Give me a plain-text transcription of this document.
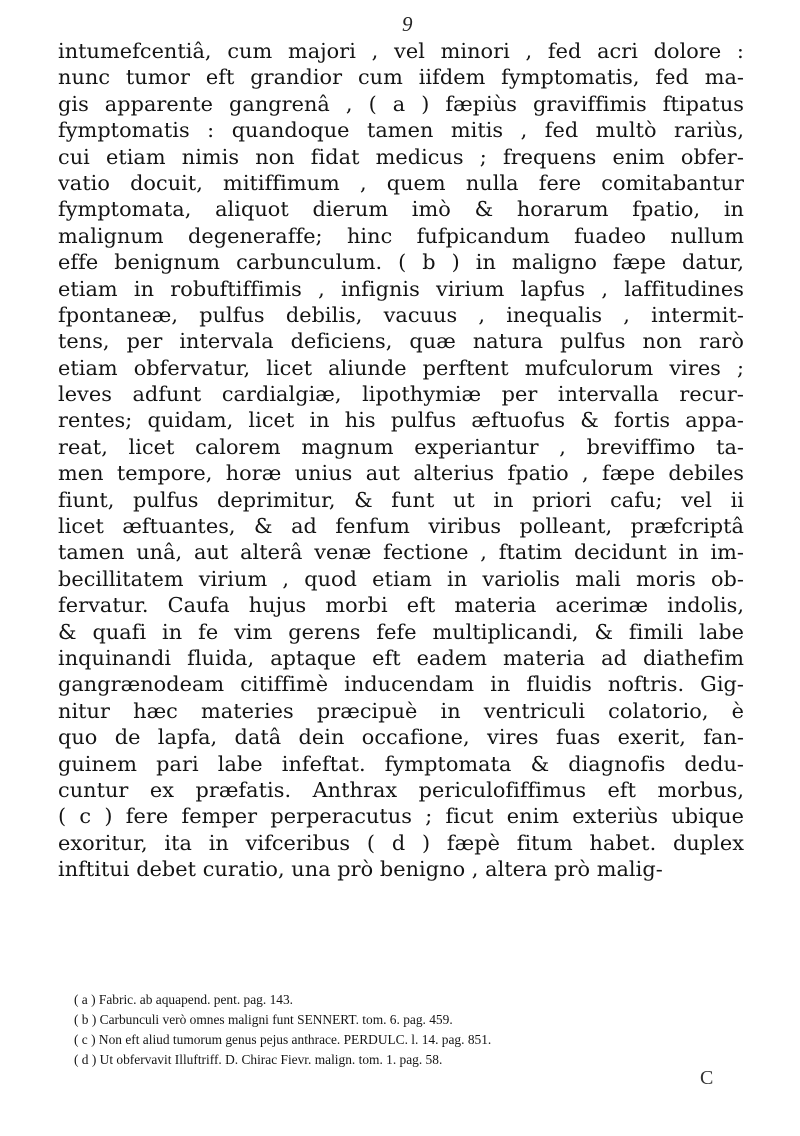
9
intumefcentiâ, cum majori , vel minori , fed acri dolore :
nunc tumor eft grandior cum iifdem fymptomatis, fed ma-
gis apparente gangrenâ , ( a ) fæpiùs graviffimis ftipatus
fymptomatis : quandoque tamen mitis , fed multò rariùs,
cui etiam nimis non fidat medicus ; frequens enim obfer-
vatio docuit, mitiffimum , quem nulla fere comitabantur
fymptomata, aliquot dierum imò & horarum fpatio, in
malignum degeneraffe; hinc fufpicandum fuadeo nullum
effe benignum carbunculum. ( b ) in maligno fæpe datur,
etiam in robuftiffimis , infignis virium lapfus , laffitudines
fpontaneæ, pulfus debilis, vacuus , inequalis , intermit-
tens, per intervala deficiens, quæ natura pulfus non rarò
etiam obfervatur, licet aliunde perftent mufculorum vires ;
leves adfunt cardialgiæ, lipothymiæ per intervalla recur-
rentes; quidam, licet in his pulfus æftuofus & fortis appa-
reat, licet calorem magnum experiantur , breviffimo ta-
men tempore, horæ unius aut alterius fpatio , fæpe debiles
fiunt, pulfus deprimitur, & funt ut in priori cafu; vel ii
licet æftuantes, & ad fenfum viribus polleant, præfcriptâ
tamen unâ, aut alterâ venæ fectione , ftatim decidunt in im-
becillitatem virium , quod etiam in variolis mali moris ob-
fervatur. Caufa hujus morbi eft materia acerimæ indolis,
& quafi in fe vim gerens fefe multiplicandi, & fimili labe
inquinandi fluida, aptaque eft eadem materia ad diathefim
gangrænodeam citiffimè inducendam in fluidis noftris. Gig-
nitur hæc materies præcipuè in ventriculi colatorio, è
quo de lapfa, datâ dein occafione, vires fuas exerit, fan-
guinem pari labe infeftat. fymptomata & diagnofis dedu-
cuntur ex præfatis. Anthrax periculofiffimus eft morbus,
( c ) fere femper perperacutus ; ficut enim exteriùs ubique
exoritur, ita in vifceribus ( d ) fæpè fitum habet. duplex
inftitui debet curatio, una prò benigno , altera prò malig-
( a ) Fabric. ab aquapend. pent. pag. 143.
( b ) Carbunculi verò omnes maligni funt SENNERT. tom. 6. pag. 459.
( c ) Non eft aliud tumorum genus pejus anthrace. PERDULC. l. 14. pag. 851.
( d ) Ut obfervavit Illuftriff. D. Chirac Fievr. malign. tom. 1. pag. 58.
C
